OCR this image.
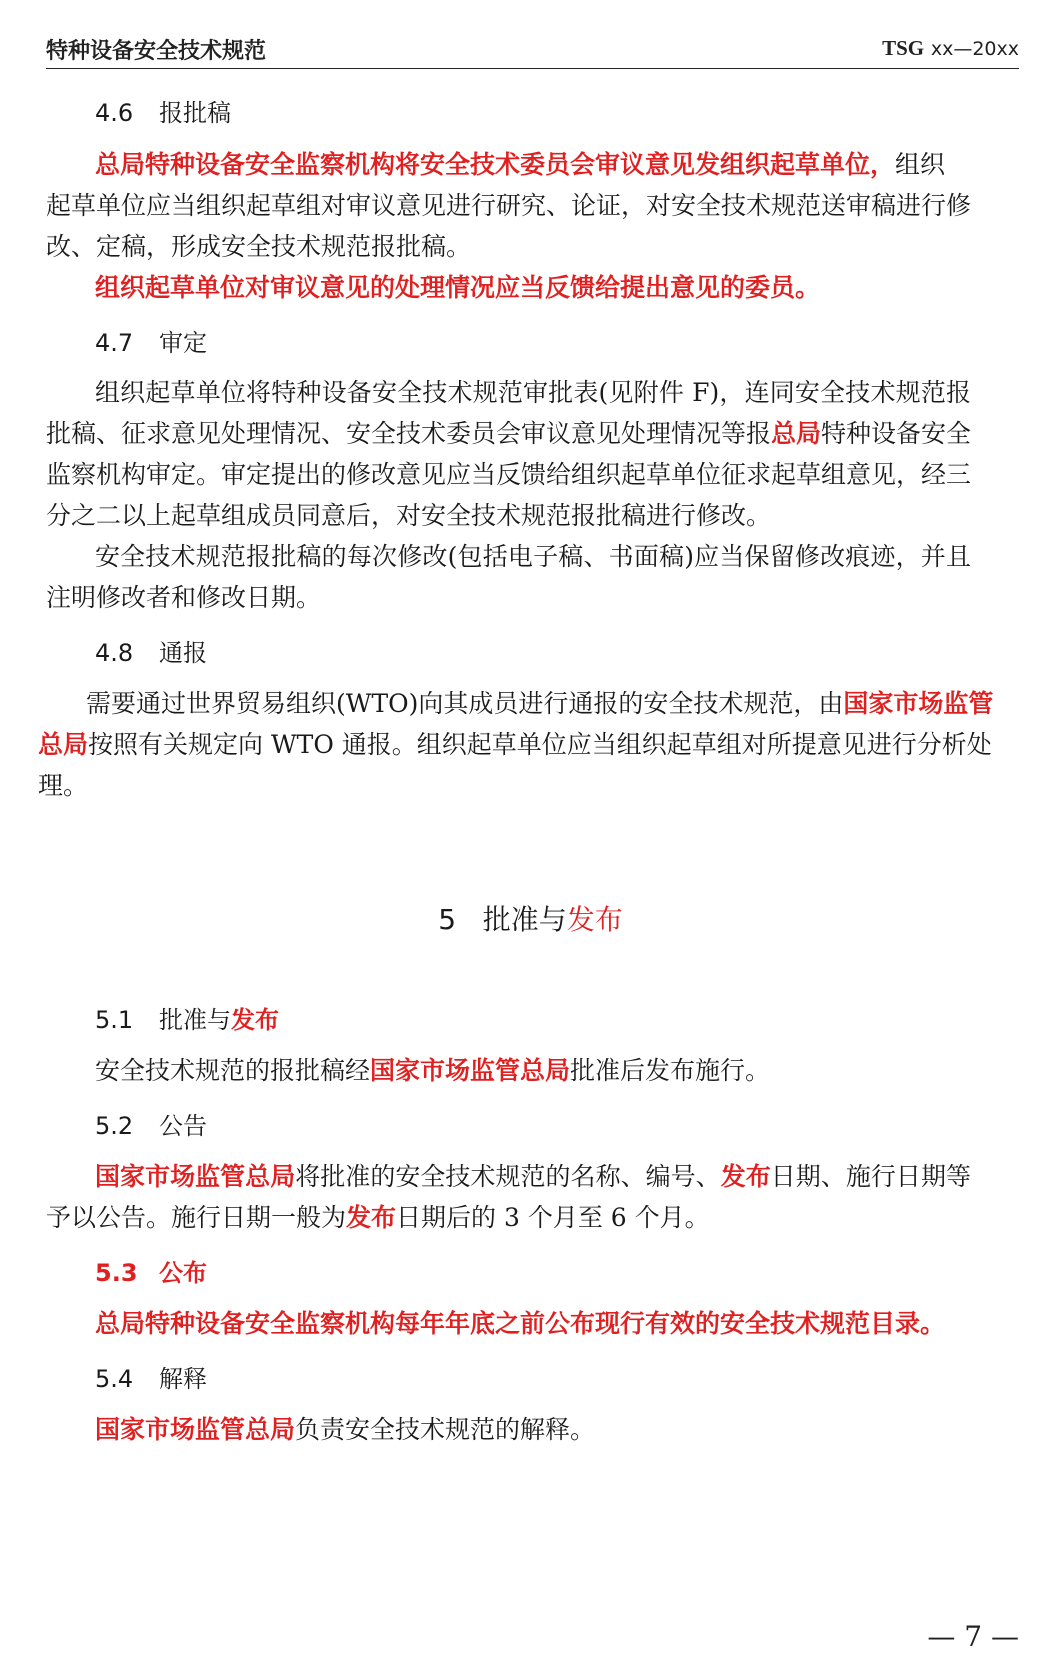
特种设备安全技术规范	TSG xx—20xx
4.6 报批稿
总局特种设备安全监察机构将安全技术委员会审议意见发组织起草单位，组织
起草单位应当组织起草组对审议意见进行研究、论证，对安全技术规范送审稿进行修
改、定稿，形成安全技术规范报批稿。
组织起草单位对审议意见的处理情况应当反馈给提出意见的委员。
4.7 审定
组织起草单位将特种设备安全技术规范审批表(见附件 F)，连同安全技术规范报
批稿、征求意见处理情况、安全技术委员会审议意见处理情况等报总局特种设备安全
监察机构审定。审定提出的修改意见应当反馈给组织起草单位征求起草组意见，经三
分之二以上起草组成员同意后，对安全技术规范报批稿进行修改。
安全技术规范报批稿的每次修改(包括电子稿、书面稿)应当保留修改痕迹，并且
注明修改者和修改日期。
4.8 通报
需要通过世界贸易组织(WTO)向其成员进行通报的安全技术规范，由国家市场监管
总局按照有关规定向 WTO 通报。组织起草单位应当组织起草组对所提意见进行分析处
理。
5 批准与发布
5.1 批准与发布
安全技术规范的报批稿经国家市场监管总局批准后发布施行。
5.2 公告
国家市场监管总局将批准的安全技术规范的名称、编号、发布日期、施行日期等
予以公告。施行日期一般为发布日期后的 3 个月至 6 个月。
5.3 公布
总局特种设备安全监察机构每年年底之前公布现行有效的安全技术规范目录。
5.4 解释
国家市场监管总局负责安全技术规范的解释。
— 7 —
